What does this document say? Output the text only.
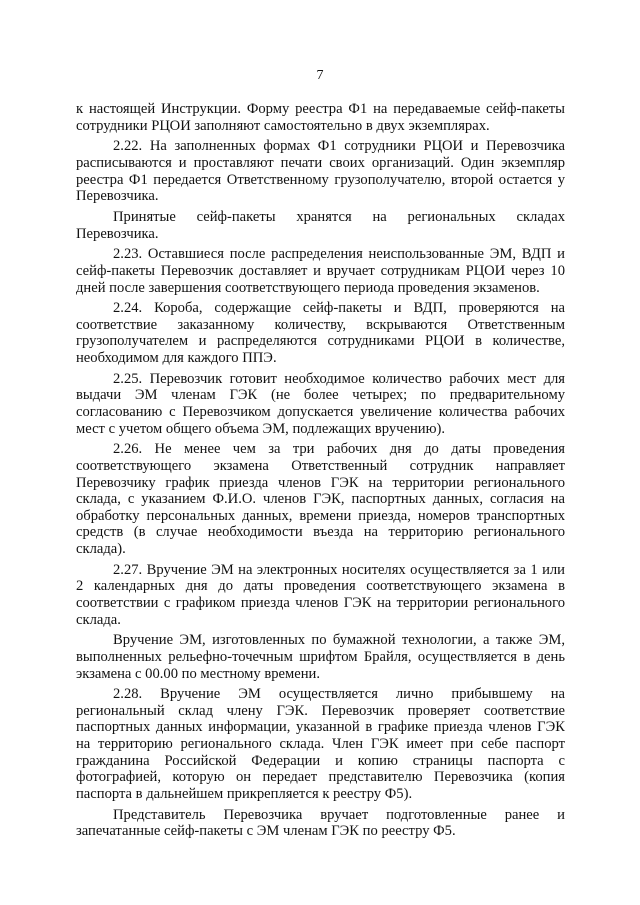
7

к настоящей Инструкции. Форму реестра Ф1 на передаваемые сейф-пакеты сотрудники РЦОИ заполняют самостоятельно в двух экземплярах.

2.22. На заполненных формах Ф1 сотрудники РЦОИ и Перевозчика расписываются и проставляют печати своих организаций. Один экземпляр реестра Ф1 передается Ответственному грузополучателю, второй остается у Перевозчика.

Принятые сейф-пакеты хранятся на региональных складах Перевозчика.

2.23. Оставшиеся после распределения неиспользованные ЭМ, ВДП и сейф-пакеты Перевозчик доставляет и вручает сотрудникам РЦОИ через 10 дней после завершения соответствующего периода проведения экзаменов.

2.24. Короба, содержащие сейф-пакеты и ВДП, проверяются на соответствие заказанному количеству, вскрываются Ответственным грузополучателем и распределяются сотрудниками РЦОИ в количестве, необходимом для каждого ППЭ.

2.25. Перевозчик готовит необходимое количество рабочих мест для выдачи ЭМ членам ГЭК (не более четырех; по предварительному согласованию с Перевозчиком допускается увеличение количества рабочих мест с учетом общего объема ЭМ, подлежащих вручению).

2.26. Не менее чем за три рабочих дня до даты проведения соответствующего экзамена Ответственный сотрудник направляет Перевозчику график приезда членов ГЭК на территории регионального склада, с указанием Ф.И.О. членов ГЭК, паспортных данных, согласия на обработку персональных данных, времени приезда, номеров транспортных средств (в случае необходимости въезда на территорию регионального склада).

2.27. Вручение ЭМ на электронных носителях осуществляется за 1 или 2 календарных дня до даты проведения соответствующего экзамена в соответствии с графиком приезда членов ГЭК на территории регионального склада.

Вручение ЭМ, изготовленных по бумажной технологии, а также ЭМ, выполненных рельефно-точечным шрифтом Брайля, осуществляется в день экзамена с 00.00 по местному времени.

2.28. Вручение ЭМ осуществляется лично прибывшему на региональный склад члену ГЭК. Перевозчик проверяет соответствие паспортных данных информации, указанной в графике приезда членов ГЭК на территорию регионального склада. Член ГЭК имеет при себе паспорт гражданина Российской Федерации и копию страницы паспорта с фотографией, которую он передает представителю Перевозчика (копия паспорта в дальнейшем прикрепляется к реестру Ф5).

Представитель Перевозчика вручает подготовленные ранее и запечатанные сейф-пакеты с ЭМ членам ГЭК по реестру Ф5.
